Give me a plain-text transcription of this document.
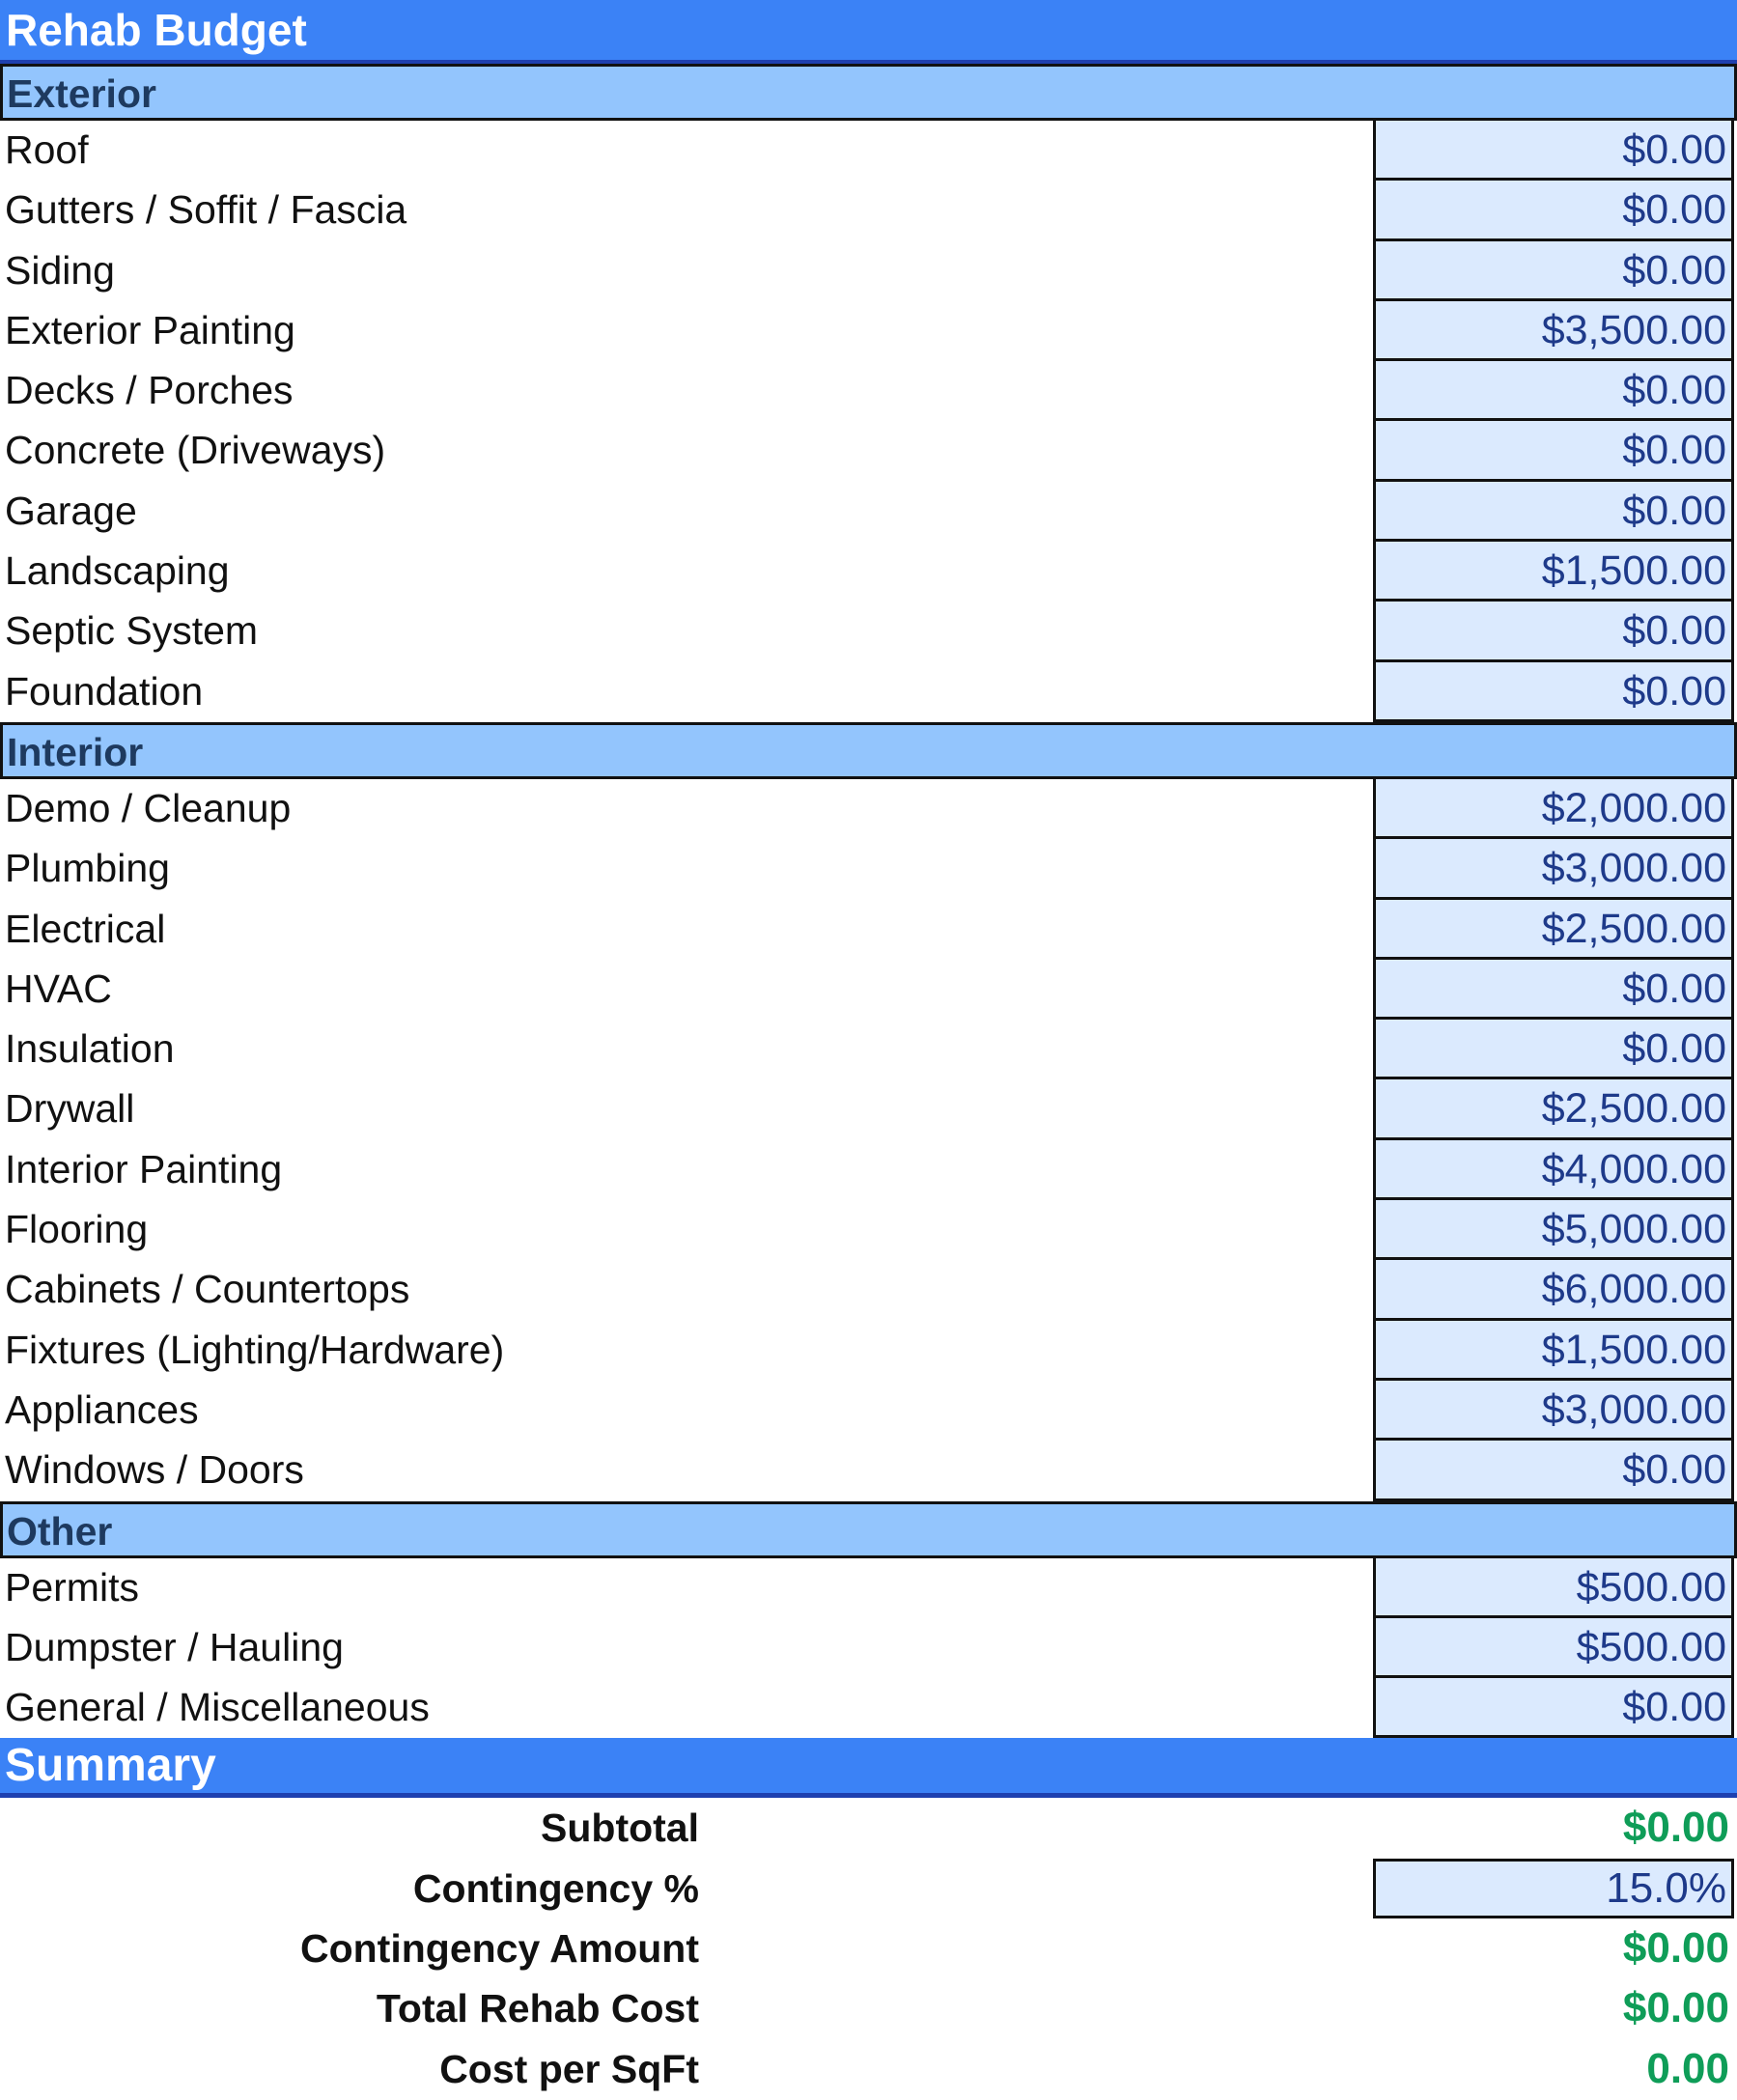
Rehab Budget
Exterior
Roof	$0.00
Gutters / Soffit / Fascia	$0.00
Siding	$0.00
Exterior Painting	$3,500.00
Decks / Porches	$0.00
Concrete (Driveways)	$0.00
Garage	$0.00
Landscaping	$1,500.00
Septic System	$0.00
Foundation	$0.00
Interior
Demo / Cleanup	$2,000.00
Plumbing	$3,000.00
Electrical	$2,500.00
HVAC	$0.00
Insulation	$0.00
Drywall	$2,500.00
Interior Painting	$4,000.00
Flooring	$5,000.00
Cabinets / Countertops	$6,000.00
Fixtures (Lighting/Hardware)	$1,500.00
Appliances	$3,000.00
Windows / Doors	$0.00
Other
Permits	$500.00
Dumpster / Hauling	$500.00
General / Miscellaneous	$0.00
Summary
Subtotal	$0.00
Contingency %	15.0%
Contingency Amount	$0.00
Total Rehab Cost	$0.00
Cost per SqFt	0.00
